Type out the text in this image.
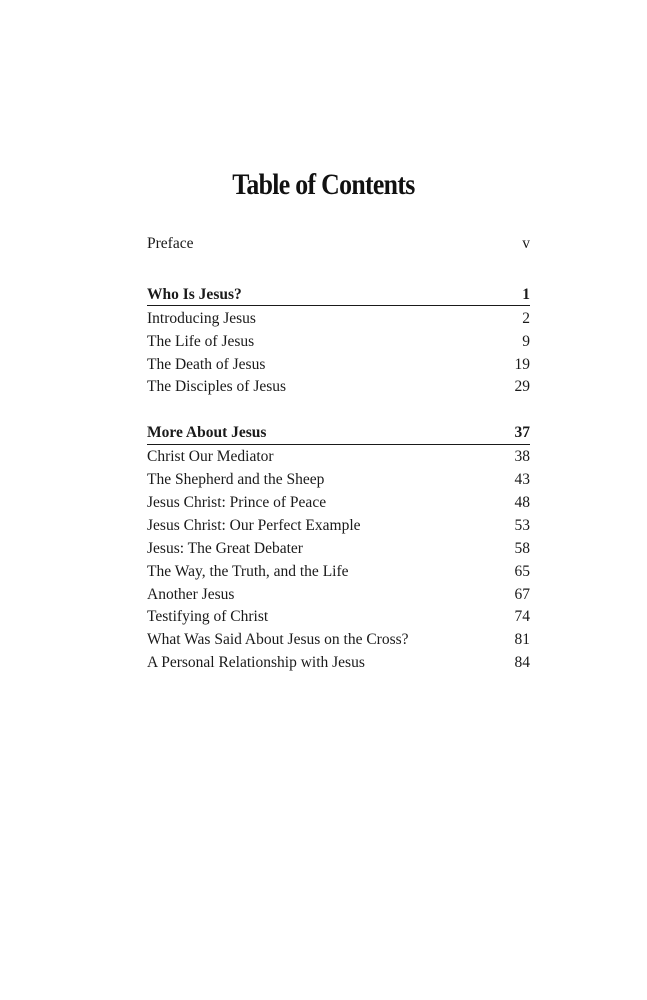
Table of Contents
Preface	v
Who Is Jesus?	1
Introducing Jesus	2
The Life of Jesus	9
The Death of Jesus	19
The Disciples of Jesus	29
More About Jesus	37
Christ Our Mediator	38
The Shepherd and the Sheep	43
Jesus Christ: Prince of Peace	48
Jesus Christ: Our Perfect Example	53
Jesus: The Great Debater	58
The Way, the Truth, and the Life	65
Another Jesus	67
Testifying of Christ	74
What Was Said About Jesus on the Cross?	81
A Personal Relationship with Jesus	84
